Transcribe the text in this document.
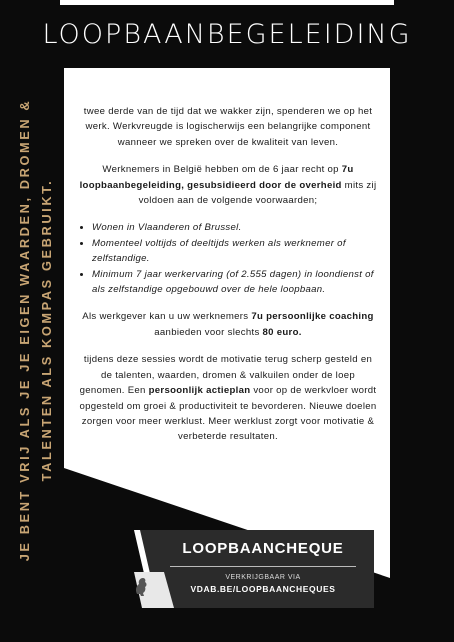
LOOPBAANBEGELEIDING
JE BENT VRIJ ALS JE JE EIGEN WAARDEN, DROMEN & TALENTEN ALS KOMPAS GEBRUIKT.

twee derde van de tijd dat we wakker zijn, spenderen we op het werk. Werkvreugde is logischerwijs een belangrijke component wanneer we spreken over de kwaliteit van leven.

Werknemers in België hebben om de 6 jaar recht op 7u loopbaanbegeleiding, gesubsidieerd door de overheid mits zij voldoen aan de volgende voorwaarden;

• Wonen in Vlaanderen of Brussel.
• Momenteel voltijds of deeltijds werken als werknemer of zelfstandige.
• Minimum 7 jaar werkervaring (of 2.555 dagen) in loondienst of als zelfstandige opgebouwd over de hele loopbaan.

Als werkgever kan u uw werknemers 7u persoonlijke coaching aanbieden voor slechts 80 euro.

tijdens deze sessies wordt de motivatie terug scherp gesteld en de talenten, waarden, dromen & valkuilen onder de loep genomen. Een persoonlijk actieplan voor op de werkvloer wordt opgesteld om groei & productiviteit te bevorderen. Nieuwe doelen zorgen voor meer werklust. Meer werklust zorgt voor motivatie & verbeterde resultaten.

LOOPBAANCHEQUE
VERKRIJGBAAR VIA
VDAB.BE/LOOPBAANCHEQUES
